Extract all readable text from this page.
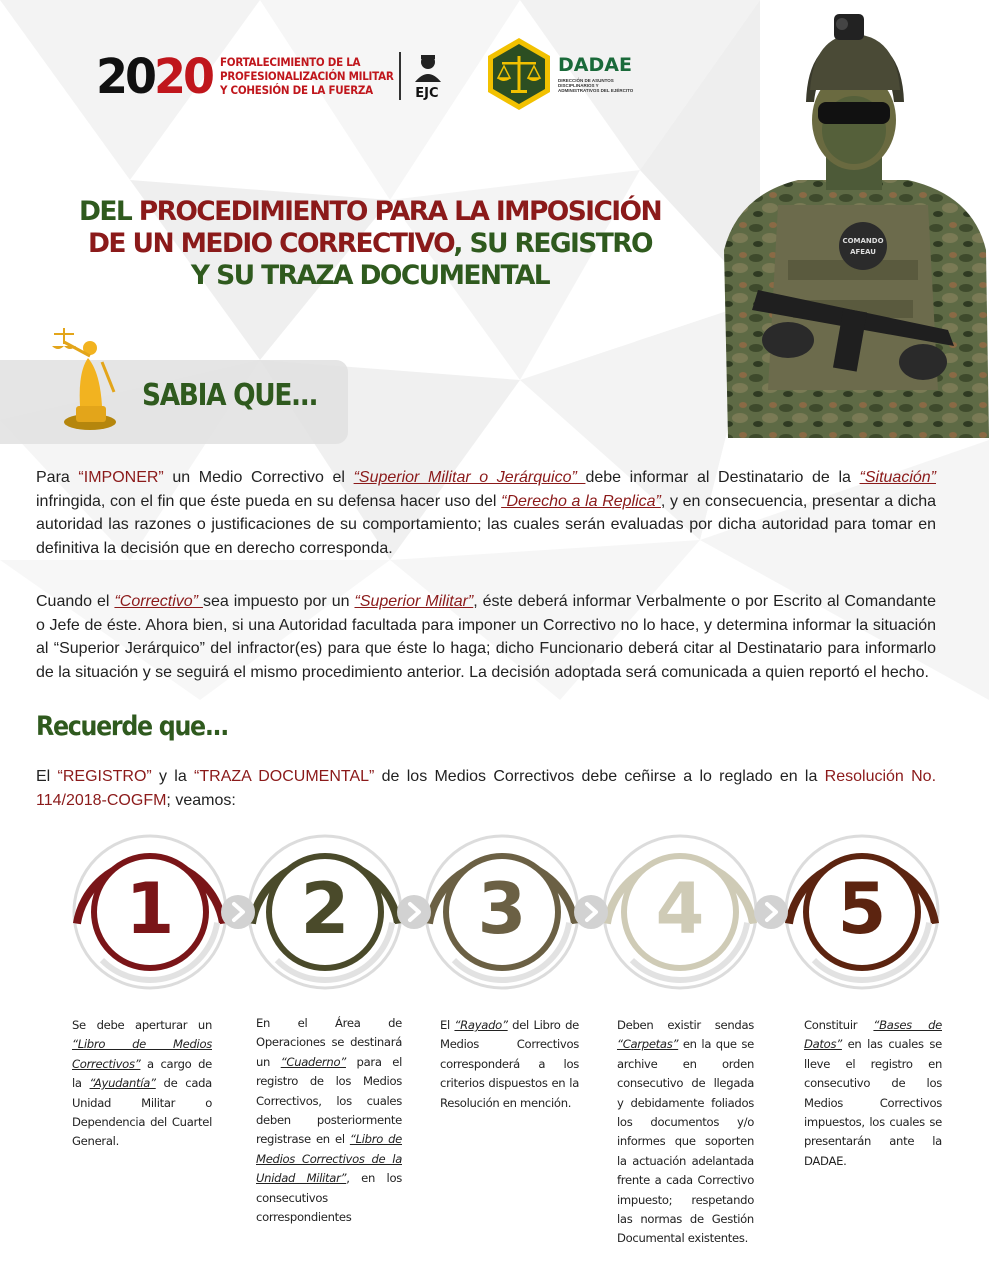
2020 FORTALECIMIENTO DE LA
PROFESIONALIZACIÓN MILITAR
Y COHESIÓN DE LA FUERZA	EJC
DADAE
DIRECCIÓN DE ASUNTOS DISCIPLINARIOS Y ADMINISTRATIVOS DEL EJÉRCITO
COMANDO
AFEAU
DEL PROCEDIMIENTO PARA LA IMPOSICIÓN
DE UN MEDIO CORRECTIVO, SU REGISTRO
Y SU TRAZA DOCUMENTAL
SABIA QUE...

Para “IMPONER” un Medio Correctivo el “Superior Militar o Jerárquico” debe informar al Destinatario de la “Situación” infringida, con el fin que éste pueda en su defensa hacer uso del “Derecho a la Replica”, y en consecuencia, presentar a dicha autoridad las razones o justificaciones de su comportamiento; las cuales serán evaluadas por dicha autoridad para tomar en definitiva la decisión que en derecho corresponda.

Cuando el “Correctivo” sea impuesto por un “Superior Militar”, éste deberá informar Verbalmente o por Escrito al Comandante o Jefe de éste. Ahora bien, si una Autoridad facultada para imponer un Correctivo no lo hace, y determina informar la situación al “Superior Jerárquico” del infractor(es) para que éste lo haga; dicho Funcionario deberá citar al Destinatario para informarlo de la situación y se seguirá el mismo procedimiento anterior. La decisión adoptada será comunicada a quien reportó el hecho.

Recuerde que...

El “REGISTRO” y la “TRAZA DOCUMENTAL” de los Medios Correctivos debe ceñirse a lo reglado en la Resolución No. 114/2018-COGFM; veamos:

1 2 3 4 5
Se debe aperturar un “Libro de Medios Correctivos” a cargo de la “Ayudantía” de cada Unidad Militar o Dependencia del Cuartel General.
En el Área de Operaciones se destinará un “Cuaderno” para el registro de los Medios Correctivos, los cuales deben posteriormente registrase en el “Libro de Medios Correctivos de la Unidad Militar”, en los consecutivos correspondientes
El “Rayado” del Libro de Medios Correctivos corresponderá a los criterios dispuestos en la Resolución en mención.
Deben existir sendas “Carpetas” en la que se archive en orden consecutivo de llegada y debidamente foliados los documentos y/o informes que soporten la actuación adelantada frente a cada Correctivo impuesto; respetando las normas de Gestión Documental existentes.
Constituir “Bases de Datos” en las cuales se lleve el registro en consecutivo de los Medios Correctivos impuestos, los cuales se presentarán ante la DADAE.
